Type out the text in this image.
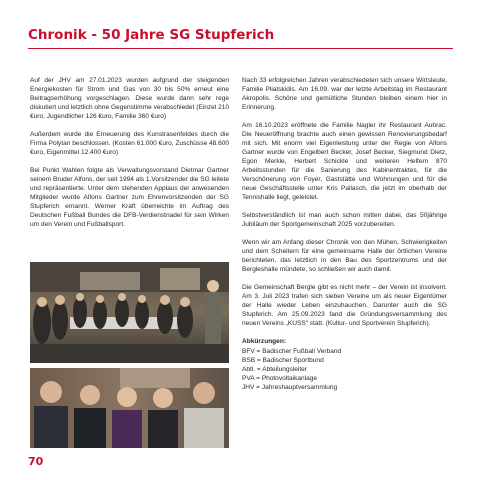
Chronik - 50 Jahre SG Stupferich

Auf der JHV am 27.01.2023 wurden aufgrund der steigenden Energiekosten für Strom und Gas von 30 bis 50% erneut eine Beitragserhöhung vorgeschlagen. Diese wurde dann sehr rege diskutiert und letztlich ohne Gegenstimme verabschiedet (Einzel 210 €uro, Jugendlicher 126 €uro, Familie 360 €uro)

Außerdem wurde die Erneuerung des Kunstrasenfeldes durch die Firma Polytan beschlossen. (Kosten 61.000 €uro, Zuschüsse 48.600 €uro, Eigenmittel 12.400 €uro)

Bei Punkt Wahlen folgte als Verwaltungsvorstand Dietmar Gartner seinem Bruder Alfons, der seit 1994 als 1.Vorsitzender die SG leitete und repräsentierte. Unter dem stehenden Applaus der anwesenden Mitglieder wurde Alfons Gartner zum Ehrenvorsitzenden der SG Stupferich ernannt. Werner Kraft überreichte im Auftrag des Deutschen Fußball Bundes die DFB-Verdienstnadel für sein Wirken um den Verein und Fußballsport.

Nach 33 erfolgreichen Jahren verabschiedeten sich unsere Wirtsleute, Familie Pliatskidis. Am 16.09. war der letzte Arbeitstag im Restaurant Akropolis. Schöne und gemütliche Stunden bleiben einem hier in Erinnerung.

Am 16.10.2023 eröffnete die Familie Nagler ihr Restaurant Aubrac. Die Neueröffnung brachte auch einen gewissen Renovierungsbedarf mit sich. Mit enorm viel Eigenleistung unter der Regie von Alfons Gartner wurde von Engelbert Becker, Josef Becker, Siegmund Dietz, Egon Merkle, Herbert Schickle und weiteren Helfern 870 Arbeitsstunden für die Sanierung des Kabinentraktes, für die Verschönerung von Foyer, Gaststätte und Wohnungen und für die neue Geschäftsstelle unter Kris Pallasch, die jetzt im oberhalb der Tennishalle liegt, geleistet.

Selbstverständlich ist man auch schon mitten dabei, das 50jährige Jubiläum der Sportgemeinschaft 2025 vorzubereiten.

Wenn wir am Anfang dieser Chronik von den Mühen, Schwierigkeiten und dem Scheitern für eine gemeinsame Halle der örtlichen Vereine berichteten, das letztlich in den Bau des Sportzentrums und der Bergleshalle mündete, so schließen wir auch damit.

Die Gemeinschaft Bergle gibt es nicht mehr – der Verein ist insolvent. Am 3. Juli 2023 trafen sich sieben Vereine um als neuer Eigentümer der Halle wieder Leben einzuhauchen. Darunter auch die SG Stupferich. Am 25.09.2023 fand die Gründungsversammlung des neuen Vereins „KUSS“ statt. (Kultur- und Sportverein Stupferich).

Abkürzungen:
BFV = Badischer Fußball Verband
BSB = Badischer Sportbund
Abtl. = Abteilungsleiter
PVA = Photovoltaikanlage
JHV = Jahreshauptversammlung
70
